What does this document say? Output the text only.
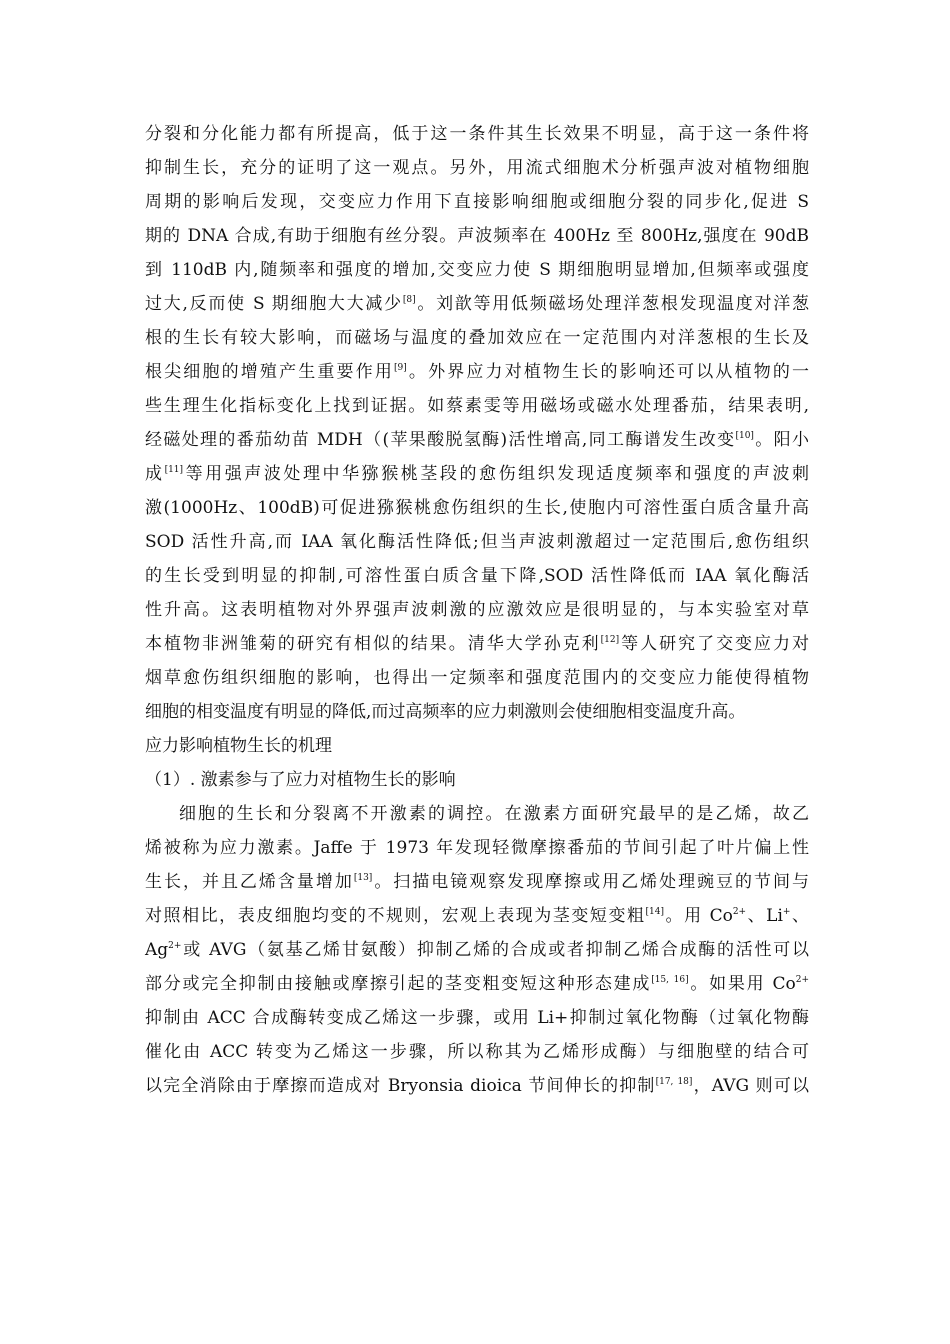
分裂和分化能力都有所提高，低于这一条件其生长效果不明显，高于这一条件将
抑制生长，充分的证明了这一观点。另外，用流式细胞术分析强声波对植物细胞
周期的影响后发现，交变应力作用下直接影响细胞或细胞分裂的同步化,促进 S
期的 DNA 合成,有助于细胞有丝分裂。声波频率在 400Hz 至 800Hz,强度在 90dB
到 110dB 内,随频率和强度的增加,交变应力使 S 期细胞明显增加,但频率或强度
过大,反而使 S 期细胞大大减少[8]。刘歆等用低频磁场处理洋葱根发现温度对洋葱
根的生长有较大影响，而磁场与温度的叠加效应在一定范围内对洋葱根的生长及
根尖细胞的增殖产生重要作用[9]。外界应力对植物生长的影响还可以从植物的一
些生理生化指标变化上找到证据。如蔡素雯等用磁场或磁水处理番茄，结果表明,
经磁处理的番茄幼苗 MDH（(苹果酸脱氢酶)活性增高,同工酶谱发生改变[10]。阳小
成[11]等用强声波处理中华猕猴桃茎段的愈伤组织发现适度频率和强度的声波刺
激(1000Hz、100dB)可促进猕猴桃愈伤组织的生长,使胞内可溶性蛋白质含量升高
SOD 活性升高,而 IAA 氧化酶活性降低;但当声波刺激超过一定范围后,愈伤组织
的生长受到明显的抑制,可溶性蛋白质含量下降,SOD 活性降低而 IAA 氧化酶活
性升高。这表明植物对外界强声波刺激的应激效应是很明显的，与本实验室对草
本植物非洲雏菊的研究有相似的结果。清华大学孙克利[12]等人研究了交变应力对
烟草愈伤组织细胞的影响，也得出一定频率和强度范围内的交变应力能使得植物
细胞的相变温度有明显的降低,而过高频率的应力刺激则会使细胞相变温度升高。
应力影响植物生长的机理
（1）. 激素参与了应力对植物生长的影响
细胞的生长和分裂离不开激素的调控。在激素方面研究最早的是乙烯，故乙
烯被称为应力激素。Jaffe 于 1973 年发现轻微摩擦番茄的节间引起了叶片偏上性
生长，并且乙烯含量增加[13]。扫描电镜观察发现摩擦或用乙烯处理豌豆的节间与
对照相比，表皮细胞均变的不规则，宏观上表现为茎变短变粗[14]。用 $Co^{2+}$、Li+、
$Ag^{2+}$或 AVG（氨基乙烯甘氨酸）抑制乙烯的合成或者抑制乙烯合成酶的活性可以
部分或完全抑制由接触或摩擦引起的茎变粗变短这种形态建成[15, 16]。如果用 $Co^{2+}$
抑制由 ACC 合成酶转变成乙烯这一步骤，或用 Li+抑制过氧化物酶（过氧化物酶
催化由 ACC 转变为乙烯这一步骤，所以称其为乙烯形成酶）与细胞壁的结合可
以完全消除由于摩擦而造成对 Bryonsia dioica 节间伸长的抑制[17, 18]，AVG 则可以
